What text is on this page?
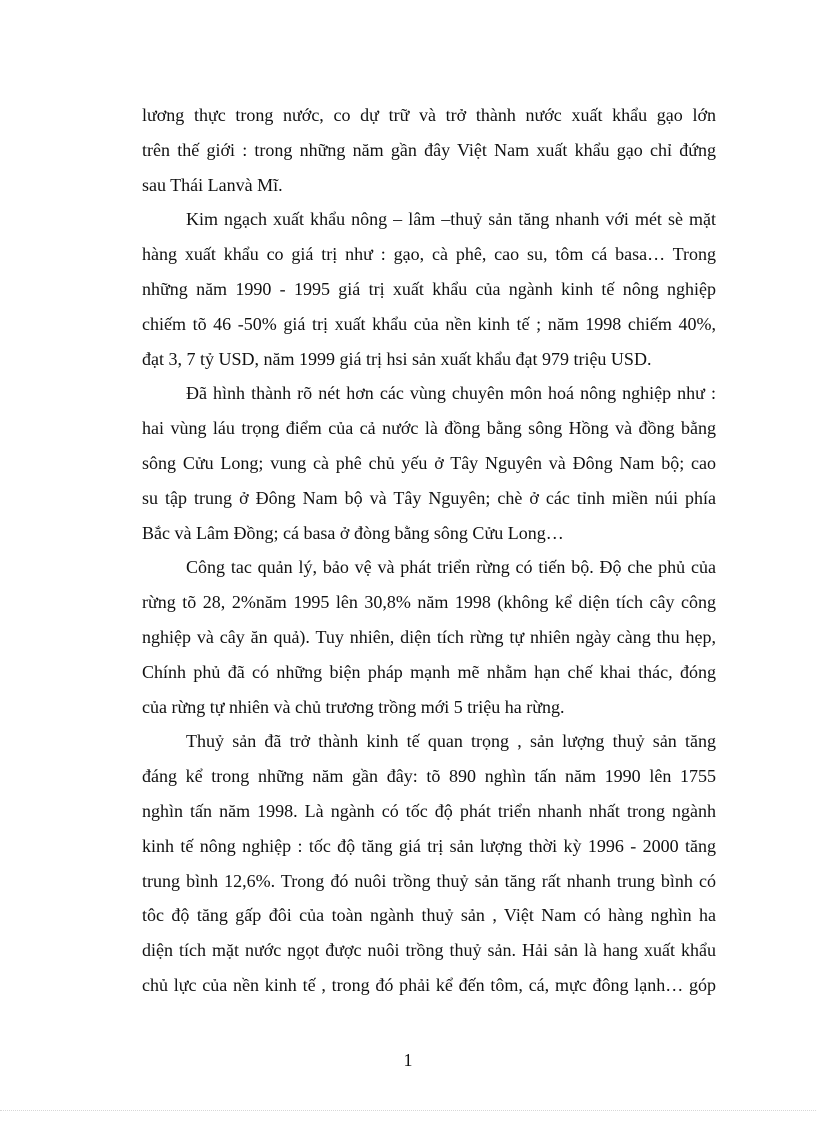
lương thực trong nước, co dự trữ và trở thành nước xuất khẩu gạo lớn
trên thế giới : trong những năm gần đây Việt Nam xuất khẩu gạo chỉ đứng
sau Thái Lanvà Mĩ.
Kim ngạch xuất khẩu nông – lâm –thuỷ sản tăng nhanh với mét sè mặt
hàng xuất khẩu co giá trị như : gạo, cà phê, cao su, tôm cá basa… Trong
những năm 1990 - 1995 giá trị xuất khẩu của ngành kinh tế nông nghiệp
chiếm tõ 46 -50% giá trị xuất khẩu của nền kinh tế ; năm 1998 chiếm 40%,
đạt 3, 7 tỷ USD, năm 1999 giá trị hsi sản xuất khẩu đạt 979 triệu USD.
Đã hình thành rõ nét hơn các vùng chuyên môn hoá nông nghiệp như :
hai vùng láu trọng điểm của cả nước là đồng bằng sông Hồng và đồng bằng
sông Cửu Long; vung cà phê chủ yếu ở Tây Nguyên và Đông Nam bộ; cao
su tập trung ở Đông Nam bộ và Tây Nguyên; chè ở các tỉnh miền núi phía
Bắc và Lâm Đồng; cá basa ở đòng bằng sông Cửu Long…
Công tac quản lý, bảo vệ và phát triển rừng có tiến bộ. Độ che phủ của
rừng tõ 28, 2%năm 1995 lên 30,8% năm 1998 (không kể diện tích cây công
nghiệp và cây ăn quả). Tuy nhiên, diện tích rừng tự nhiên ngày càng thu hẹp,
Chính phủ đã có những biện pháp mạnh mẽ nhằm hạn chế khai thác, đóng
của rừng tự nhiên và chủ trương trồng mới 5 triệu ha rừng.
Thuỷ sản đã trở thành kinh tế quan trọng , sản lượng thuỷ sản tăng
đáng kể trong những năm gần đây: tõ 890 nghìn tấn năm 1990 lên 1755
nghìn tấn năm 1998. Là ngành có tốc độ phát triển nhanh nhất trong ngành
kinh tế nông nghiệp : tốc độ tăng giá trị sản lượng thời kỳ 1996 - 2000 tăng
trung bình 12,6%. Trong đó nuôi trồng thuỷ sản tăng rất nhanh trung bình có
tôc độ tăng gấp đôi của toàn ngành thuỷ sản , Việt Nam có hàng nghìn ha
diện tích mặt nước ngọt được nuôi trồng thuỷ sản. Hải sản là hang xuất khẩu
chủ lực của nền kinh tế , trong đó phải kể đến tôm, cá, mực đông lạnh… góp
1
